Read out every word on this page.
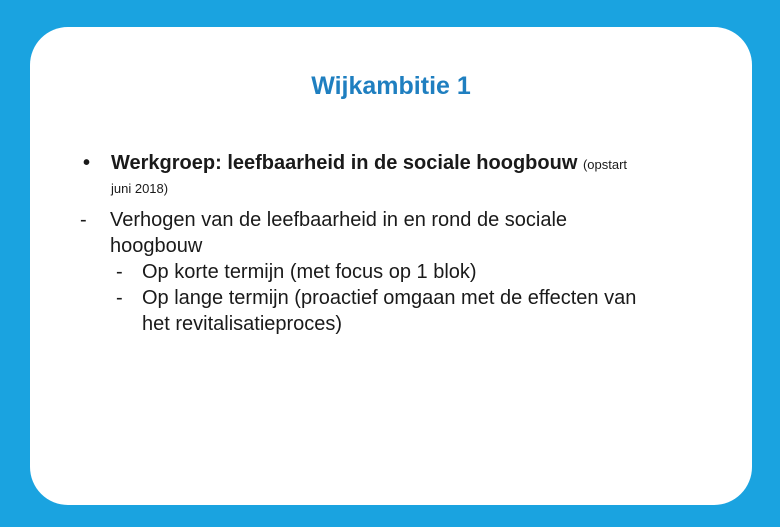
Wijkambitie 1
• Werkgroep: leefbaarheid in de sociale hoogbouw (opstart
juni 2018)
- Verhogen van de leefbaarheid in en rond de sociale
hoogbouw
- Op korte termijn (met focus op 1 blok)
- Op lange termijn (proactief omgaan met de effecten van
het revitalisatieproces)
